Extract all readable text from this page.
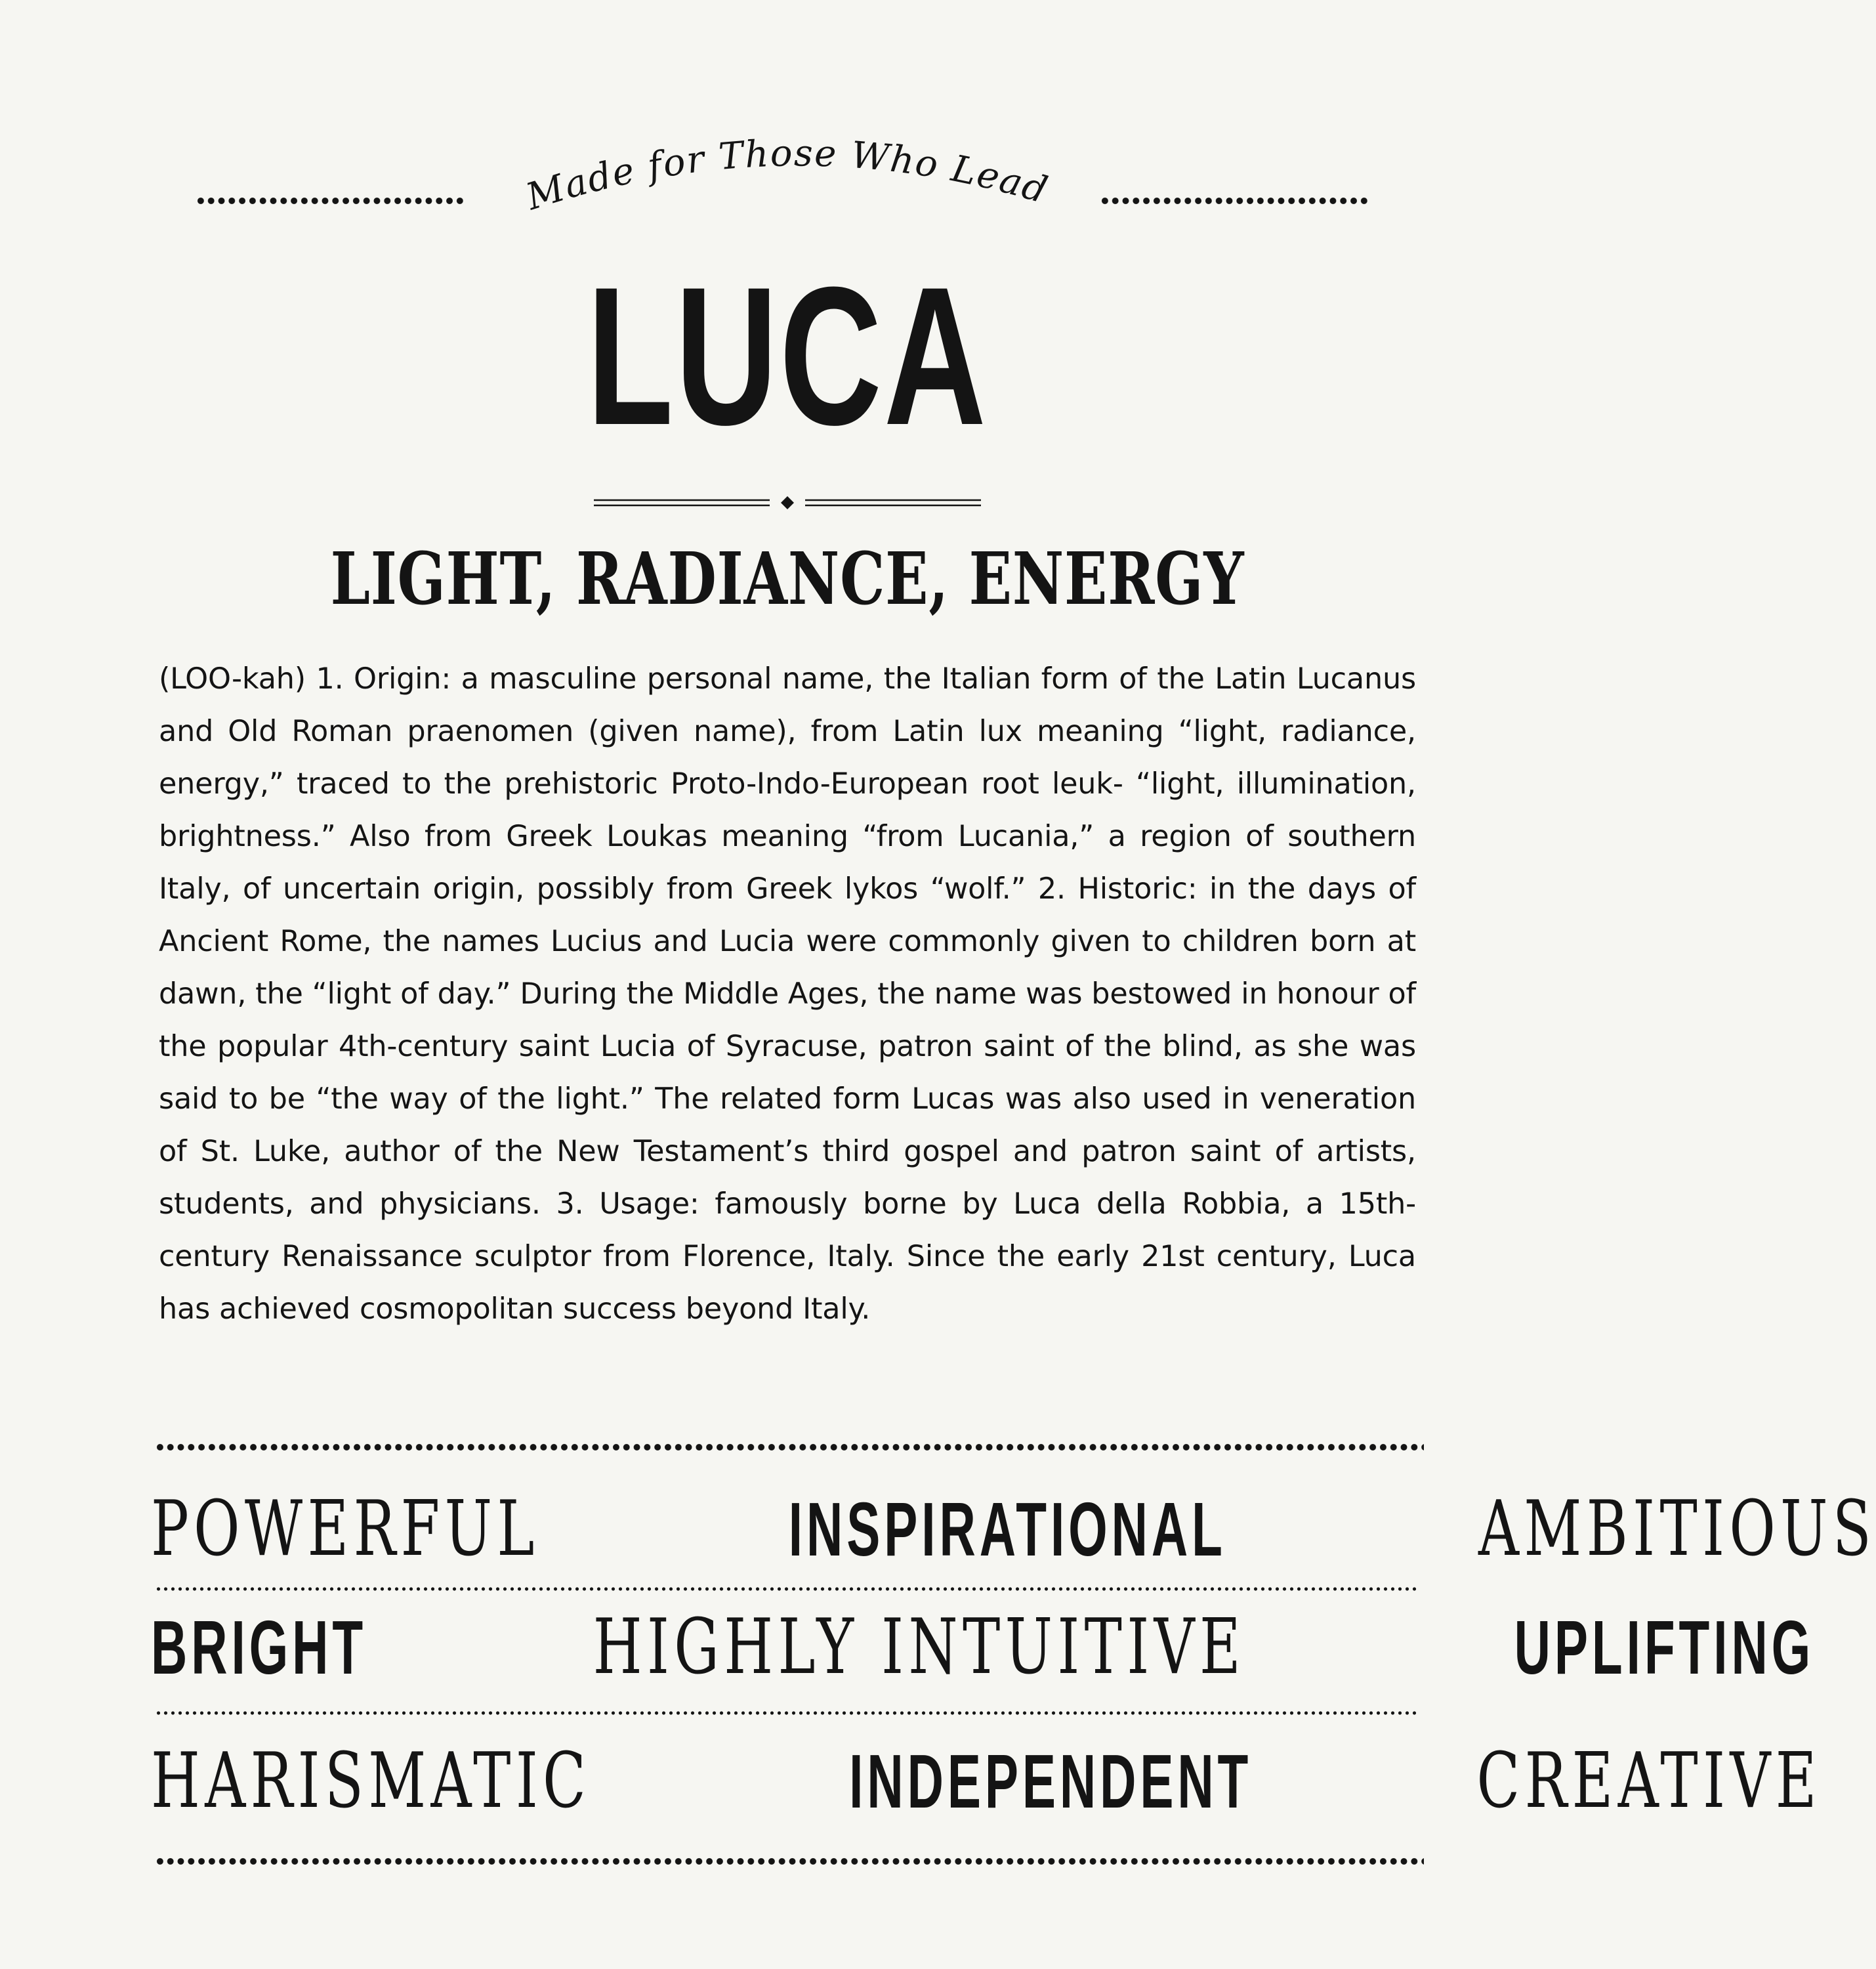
Made for Those Who Lead
LUCA
LIGHT, RADIANCE, ENERGY

(LOO-kah) 1. Origin: a masculine personal name, the Italian form of the Latin Lucanus and Old Roman praenomen (given name), from Latin lux meaning “light, radiance, energy,” traced to the prehistoric Proto-Indo-European root leuk- “light, illumination, brightness.” Also from Greek Loukas meaning “from Lucania,” a region of southern Italy, of uncertain origin, possibly from Greek lykos “wolf.” 2. Historic: in the days of Ancient Rome, the names Lucius and Lucia were commonly given to children born at dawn, the “light of day.” During the Middle Ages, the name was bestowed in honour of the popular 4th-century saint Lucia of Syracuse, patron saint of the blind, as she was said to be “the way of the light.” The related form Lucas was also used in veneration of St. Luke, author of the New Testament’s third gospel and patron saint of artists, students, and physicians. 3. Usage: famously borne by Luca della Robbia, a 15th-century Renaissance sculptor from Florence, Italy. Since the early 21st century, Luca has achieved cosmopolitan success beyond Italy.

POWERFUL	INSPIRATIONAL	AMBITIOUS
BRIGHT	HIGHLY INTUITIVE	UPLIFTING
HARISMATIC	INDEPENDENT	CREATIVE
